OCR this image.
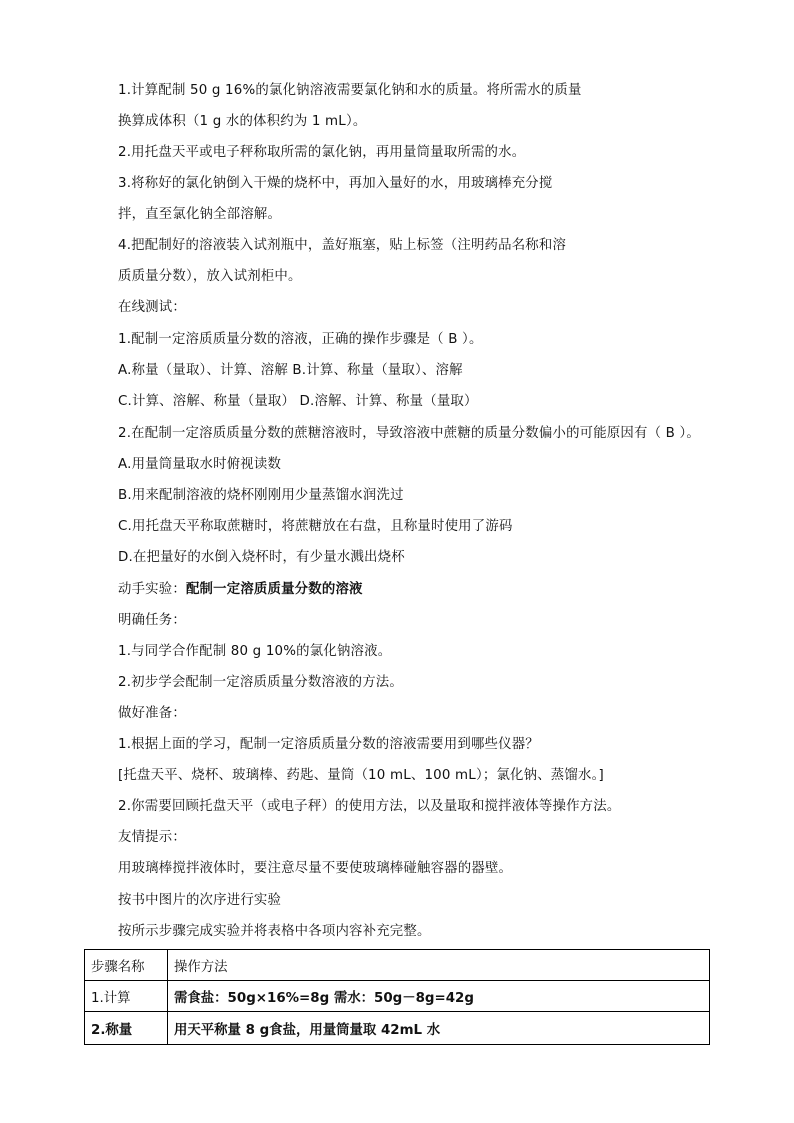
1.计算配制 50 g 16%的氯化钠溶液需要氯化钠和水的质量。将所需水的质量
换算成体积（1 g 水的体积约为 1 mL）。
2.用托盘天平或电子秤称取所需的氯化钠，再用量筒量取所需的水。
3.将称好的氯化钠倒入干燥的烧杯中，再加入量好的水，用玻璃棒充分搅
拌，直至氯化钠全部溶解。
4.把配制好的溶液装入试剂瓶中，盖好瓶塞，贴上标签（注明药品名称和溶
质质量分数），放入试剂柜中。
在线测试：
1.配制一定溶质质量分数的溶液，正确的操作步骤是（ B ）。
A.称量（量取）、计算、溶解 B.计算、称量（量取）、溶解
C.计算、溶解、称量（量取） D.溶解、计算、称量（量取）
2.在配制一定溶质质量分数的蔗糖溶液时，导致溶液中蔗糖的质量分数偏小的可能原因有（ B ）。
A.用量筒量取水时俯视读数
B.用来配制溶液的烧杯刚刚用少量蒸馏水润洗过
C.用托盘天平称取蔗糖时，将蔗糖放在右盘，且称量时使用了游码
D.在把量好的水倒入烧杯时，有少量水溅出烧杯
动手实验：配制一定溶质质量分数的溶液
明确任务：
1.与同学合作配制 80 g 10%的氯化钠溶液。
2.初步学会配制一定溶质质量分数溶液的方法。
做好准备：
1.根据上面的学习，配制一定溶质质量分数的溶液需要用到哪些仪器？
[托盘天平、烧杯、玻璃棒、药匙、量筒（10 mL、100 mL）；氯化钠、蒸馏水。]
2.你需要回顾托盘天平（或电子秤）的使用方法，以及量取和搅拌液体等操作方法。
友情提示：
用玻璃棒搅拌液体时，要注意尽量不要使玻璃棒碰触容器的器壁。
按书中图片的次序进行实验
按所示步骤完成实验并将表格中各项内容补充完整。
步骤名称	操作方法
1.计算	需食盐：50g×16%=8g 需水：50g－8g=42g
2.称量	用天平称量 8 g食盐，用量筒量取 42mL 水
